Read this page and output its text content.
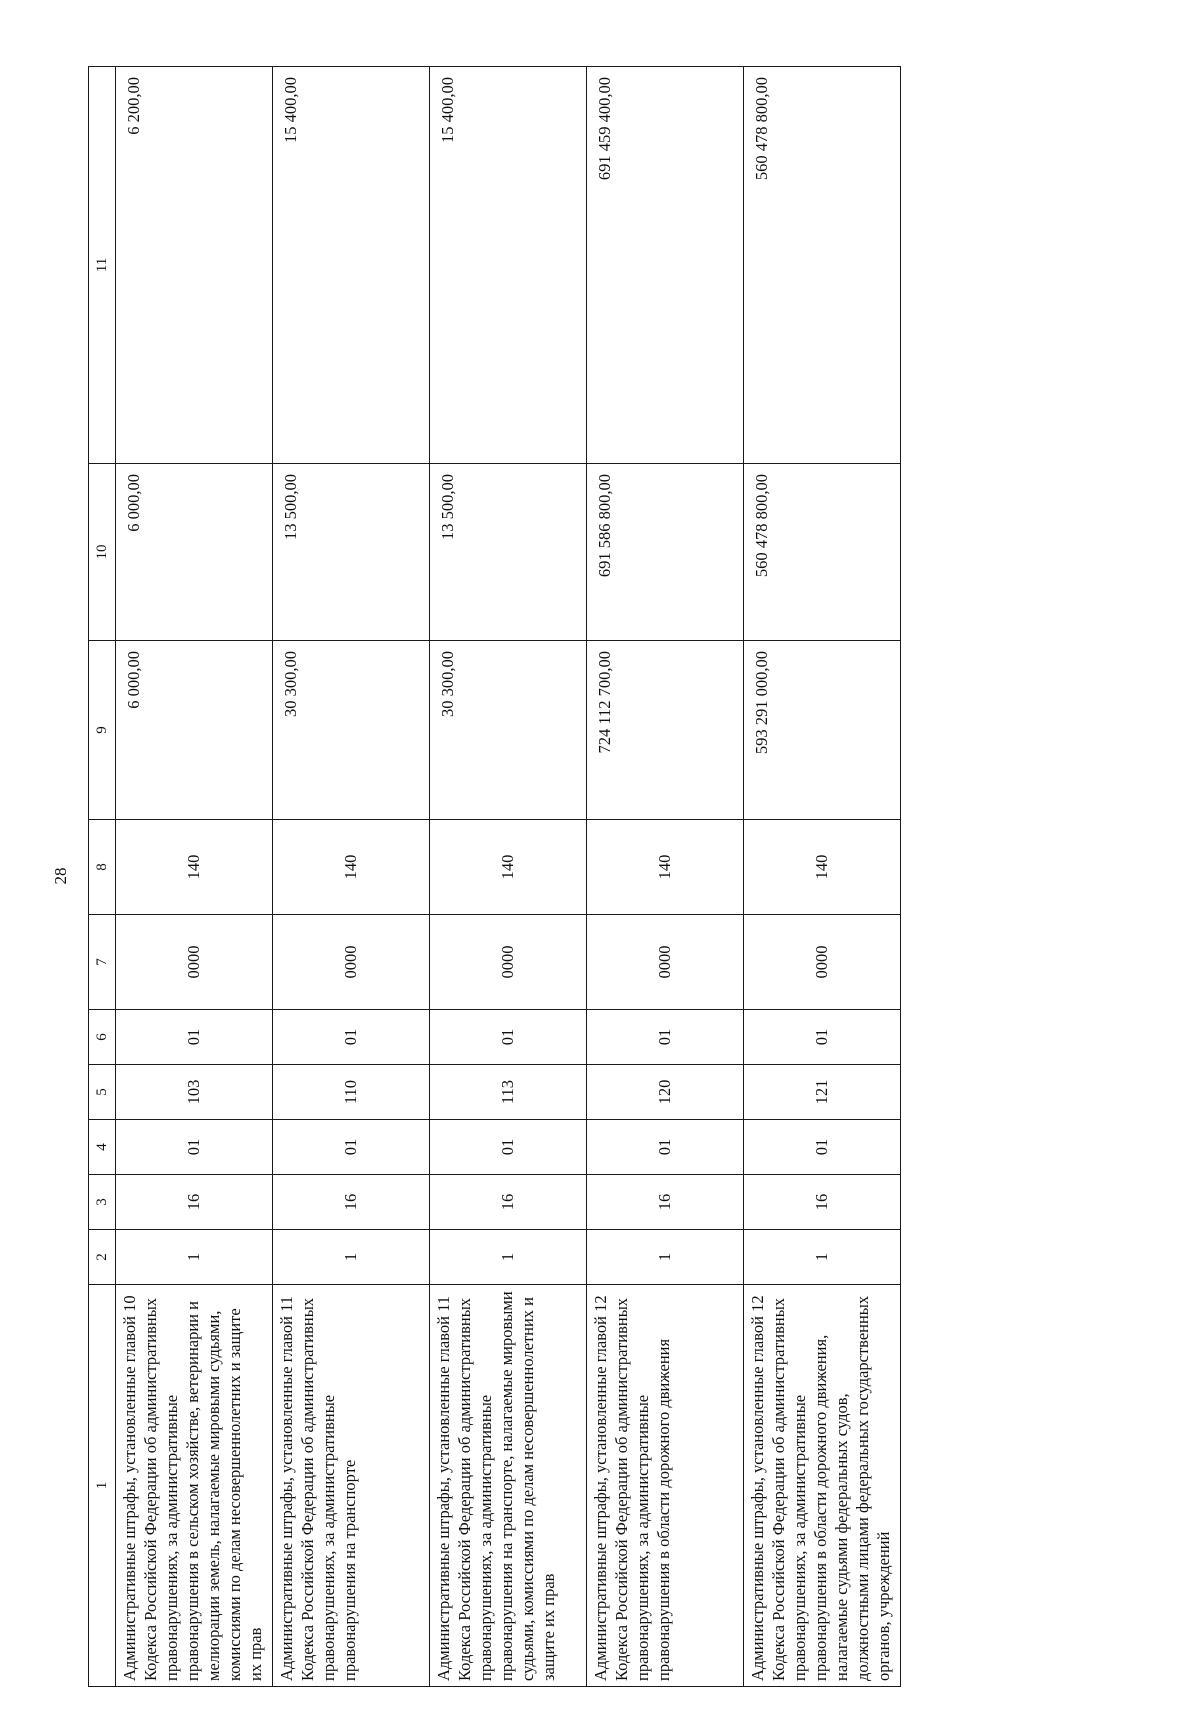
28
1	2	3	4	5	6	7	8	9	10	11
Административные штрафы, установленные главой 10 Кодекса Российской Федерации об административных правонарушениях, за административные правонарушения в сельском хозяйстве, ветеринарии и мелиорации земель, налагаемые мировыми судьями, комиссиями по делам несовершеннолетних и защите их прав	1	16	01	103	01	0000	140	6 000,00	6 000,00	6 200,00
Административные штрафы, установленные главой 11 Кодекса Российской Федерации об административных правонарушениях, за административные правонарушения на транспорте	1	16	01	110	01	0000	140	30 300,00	13 500,00	15 400,00
Административные штрафы, установленные главой 11 Кодекса Российской Федерации об административных правонарушениях, за административные правонарушения на транспорте, налагаемые мировыми судьями, комиссиями по делам несовершеннолетних и защите их прав	1	16	01	113	01	0000	140	30 300,00	13 500,00	15 400,00
Административные штрафы, установленные главой 12 Кодекса Российской Федерации об административных правонарушениях, за административные правонарушения в области дорожного движения	1	16	01	120	01	0000	140	724 112 700,00	691 586 800,00	691 459 400,00
Административные штрафы, установленные главой 12 Кодекса Российской Федерации об административных правонарушениях, за административные правонарушения в области дорожного движения, налагаемые судьями федеральных судов, должностными лицами федеральных государственных органов, учреждений	1	16	01	121	01	0000	140	593 291 000,00	560 478 800,00	560 478 800,00
